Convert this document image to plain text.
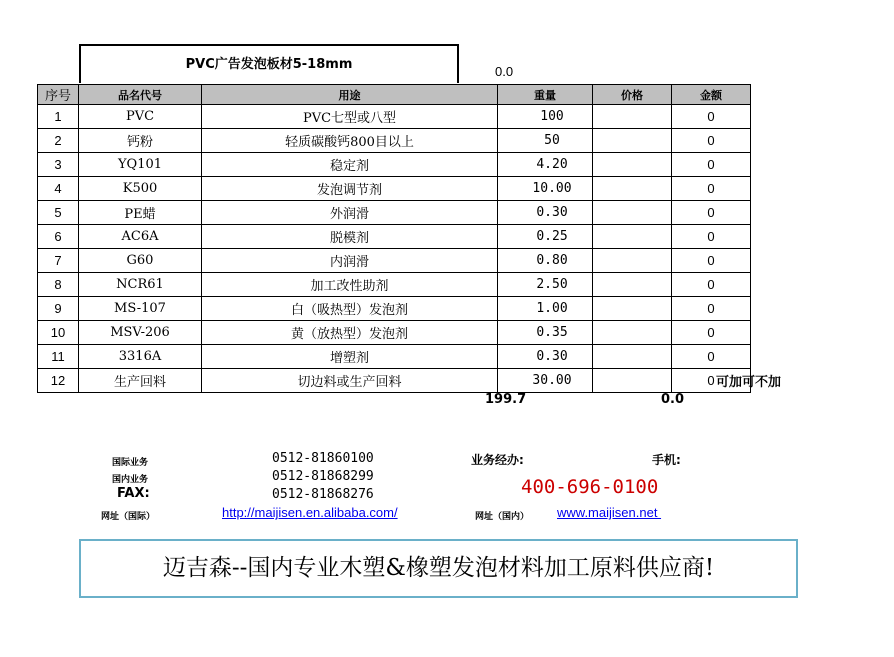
PVC广告发泡板材5-18mm	0.0
序号	品名代号	用途	重量	价格	金额
1	PVC	PVC七型或八型	100		0
2	钙粉	轻质碳酸钙800目以上	50		0
3	YQ101	稳定剂	4.20		0
4	K500	发泡调节剂	10.00		0
5	PE蜡	外润滑	0.30		0
6	AC6A	脱模剂	0.25		0
7	G60	内润滑	0.80		0
8	NCR61	加工改性助剂	2.50		0
9	MS-107	白（吸热型）发泡剂	1.00		0
10	MSV-206	黄（放热型）发泡剂	0.35		0
11	3316A	增塑剂	0.30		0
12	生产回料	切边料或生产回料	30.00		0 可加可不加
199.7	0.0
国际业务	0512-81860100
国内业务	0512-81868299
FAX:	0512-81868276
网址（国际）	http://maijisen.en.alibaba.com/
业务经办:	手机:
400-696-0100
网址（国内） www.maijisen.net
迈吉森--国内专业木塑&橡塑发泡材料加工原料供应商!
